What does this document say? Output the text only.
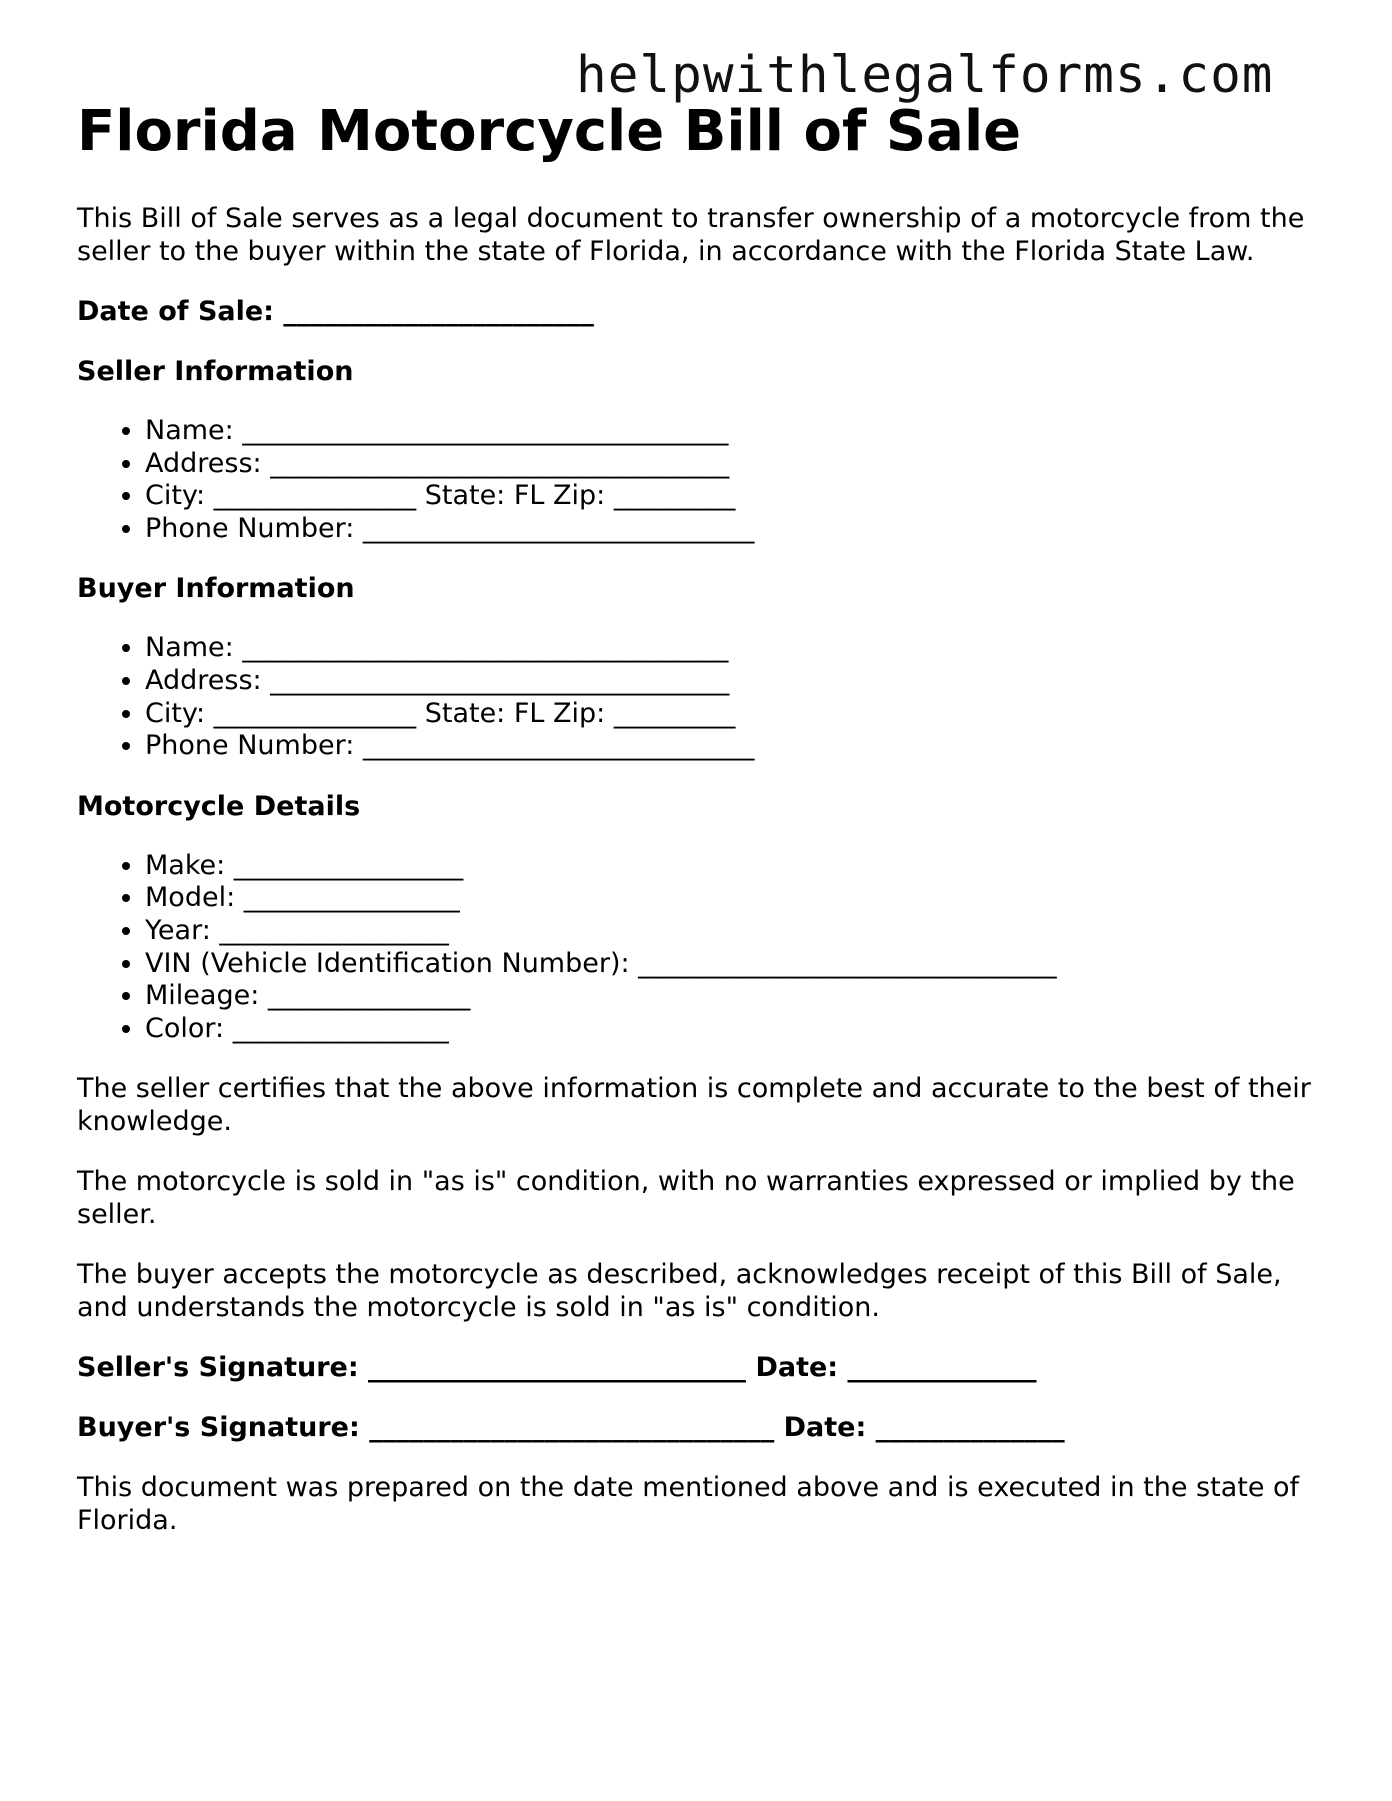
helpwithlegalforms.com
Florida Motorcycle Bill of Sale

This Bill of Sale serves as a legal document to transfer ownership of a motorcycle from the seller to the buyer within the state of Florida, in accordance with the Florida State Law.

Date of Sale: _______________________

Seller Information
• Name: ____________________________________
• Address: __________________________________
• City: _______________ State: FL Zip: _________
• Phone Number: _____________________________
Buyer Information
• Name: ____________________________________
• Address: __________________________________
• City: _______________ State: FL Zip: _________
• Phone Number: _____________________________
Motorcycle Details
• Make: _________________
• Model: ________________
• Year: _________________
• VIN (Vehicle Identification Number): _______________________________
• Mileage: _______________
• Color: ________________

The seller certifies that the above information is complete and accurate to the best of their knowledge.

The motorcycle is sold in "as is" condition, with no warranties expressed or implied by the seller.

The buyer accepts the motorcycle as described, acknowledges receipt of this Bill of Sale, and understands the motorcycle is sold in "as is" condition.

Seller's Signature: ____________________________ Date: ______________

Buyer's Signature: ______________________________ Date: ______________

This document was prepared on the date mentioned above and is executed in the state of Florida.
